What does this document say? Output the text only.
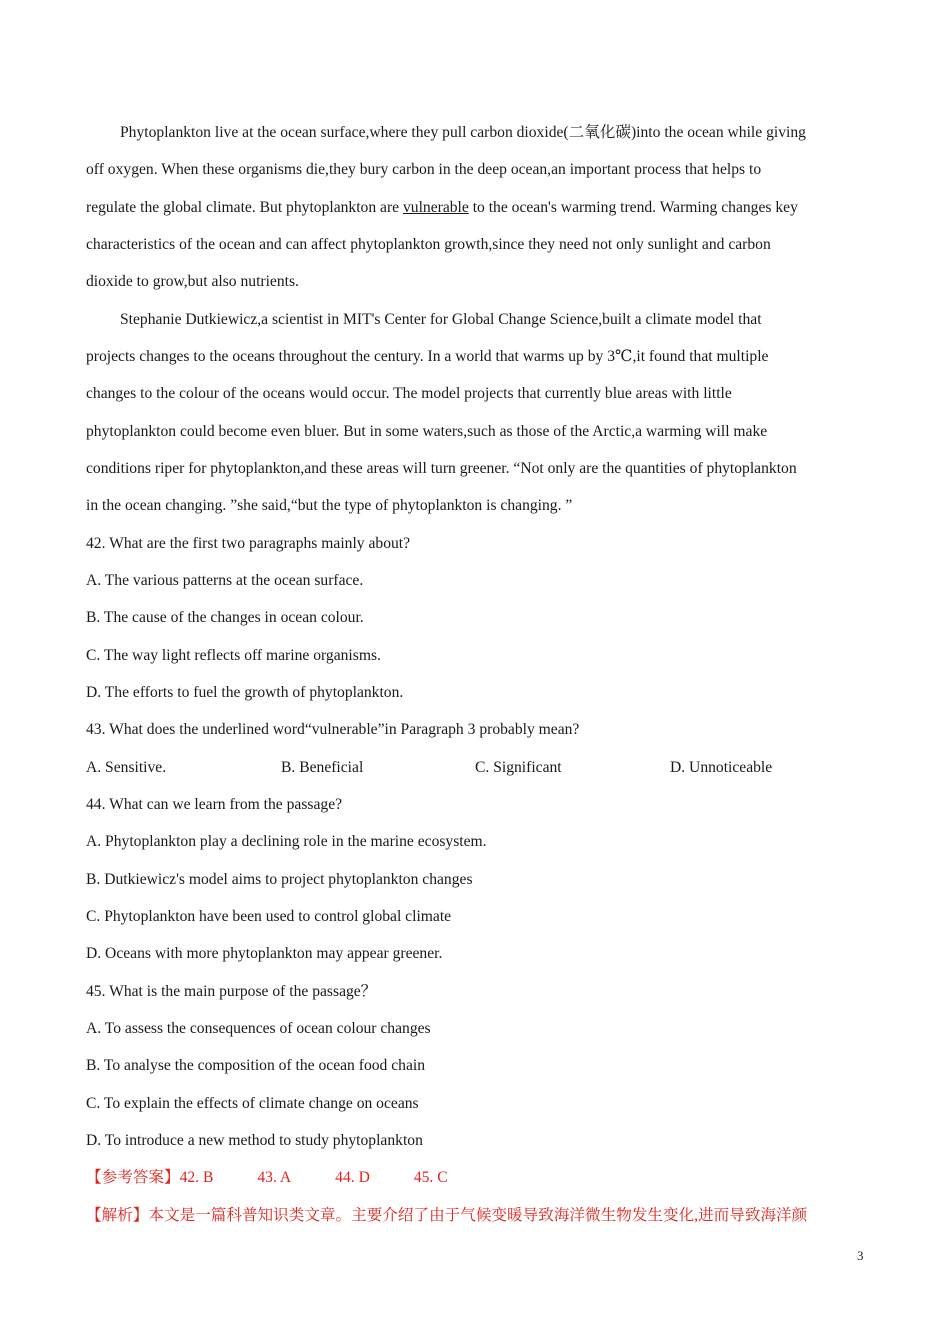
Phytoplankton live at the ocean surface,where they pull carbon dioxide(二氧化碳)into the ocean while giving
off oxygen. When these organisms die,they bury carbon in the deep ocean,an important process that helps to
regulate the global climate. But phytoplankton are vulnerable to the ocean's warming trend. Warming changes key
characteristics of the ocean and can affect phytoplankton growth,since they need not only sunlight and carbon
dioxide to grow,but also nutrients.
Stephanie Dutkiewicz,a scientist in MIT's Center for Global Change Science,built a climate model that
projects changes to the oceans throughout the century. In a world that warms up by 3℃,it found that multiple
changes to the colour of the oceans would occur. The model projects that currently blue areas with little
phytoplankton could become even bluer. But in some waters,such as those of the Arctic,a warming will make
conditions riper for phytoplankton,and these areas will turn greener. “Not only are the quantities of phytoplankton
in the ocean changing. ”she said,“but the type of phytoplankton is changing. ”
42. What are the first two paragraphs mainly about?
A. The various patterns at the ocean surface.
B. The cause of the changes in ocean colour.
C. The way light reflects off marine organisms.
D. The efforts to fuel the growth of phytoplankton.
43. What does the underlined word“vulnerable”in Paragraph 3 probably mean?
A. Sensitive.	B. Beneficial	C. Significant	D. Unnoticeable
44. What can we learn from the passage?
A. Phytoplankton play a declining role in the marine ecosystem.
B. Dutkiewicz's model aims to project phytoplankton changes
C. Phytoplankton have been used to control global climate
D. Oceans with more phytoplankton may appear greener.
45. What is the main purpose of the passage？
A. To assess the consequences of ocean colour changes
B. To analyse the composition of the ocean food chain
C. To explain the effects of climate change on oceans
D. To introduce a new method to study phytoplankton
【参考答案】42. B	43. A	44. D	45. C
【解析】本文是一篇科普知识类文章。主要介绍了由于气候变暖导致海洋微生物发生变化,进而导致海洋颜
3
